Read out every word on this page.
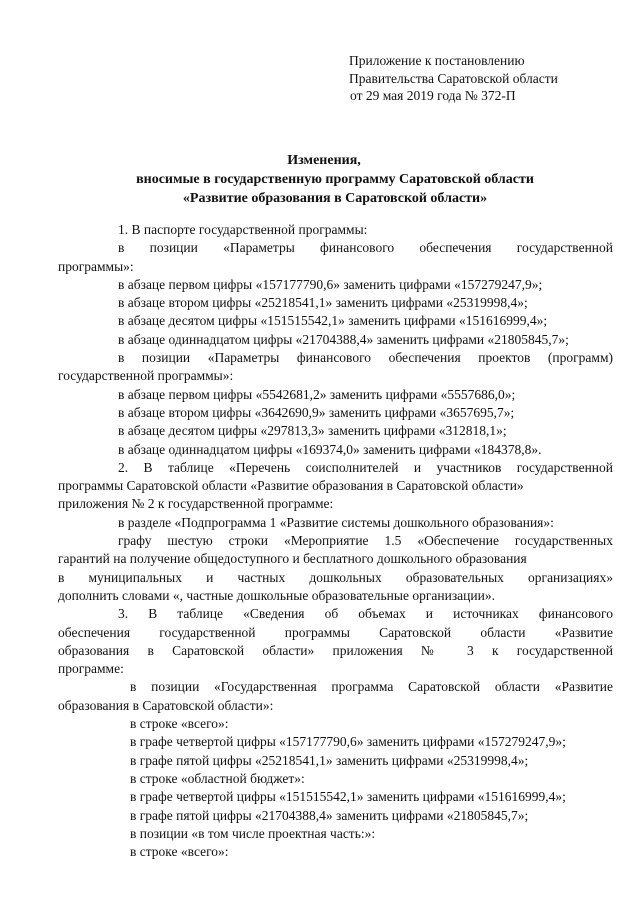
Приложение к постановлению
Правительства Саратовской области
от 29 мая 2019 года № 372-П
Изменения,
вносимые в государственную программу Саратовской области
«Развитие образования в Саратовской области»
1. В паспорте государственной программы:
в позиции «Параметры финансового обеспечения государственной
программы»:
в абзаце первом цифры «157177790,6» заменить цифрами «157279247,9»;
в абзаце втором цифры «25218541,1» заменить цифрами «25319998,4»;
в абзаце десятом цифры «151515542,1» заменить цифрами «151616999,4»;
в абзаце одиннадцатом цифры «21704388,4» заменить цифрами «21805845,7»;
в позиции «Параметры финансового обеспечения проектов (программ)
государственной программы»:
в абзаце первом цифры «5542681,2» заменить цифрами «5557686,0»;
в абзаце втором цифры «3642690,9» заменить цифрами «3657695,7»;
в абзаце десятом цифры «297813,3» заменить цифрами «312818,1»;
в абзаце одиннадцатом цифры «169374,0» заменить цифрами «184378,8».
2. В таблице «Перечень соисполнителей и участников государственной
программы Саратовской области «Развитие образования в Саратовской области»
приложения № 2 к государственной программе:
в разделе «Подпрограмма 1 «Развитие системы дошкольного образования»:
графу шестую строки «Мероприятие 1.5 «Обеспечение государственных
гарантий на получение общедоступного и бесплатного дошкольного образования
в муниципальных и частных дошкольных образовательных организациях»
дополнить словами «, частные дошкольные образовательные организации».
3. В таблице «Сведения об объемах и источниках финансового
обеспечения государственной программы Саратовской области «Развитие
образования в Саратовской области» приложения № 3 к государственной
программе:
в позиции «Государственная программа Саратовской области «Развитие
образования в Саратовской области»:
в строке «всего»:
в графе четвертой цифры «157177790,6» заменить цифрами «157279247,9»;
в графе пятой цифры «25218541,1» заменить цифрами «25319998,4»;
в строке «областной бюджет»:
в графе четвертой цифры «151515542,1» заменить цифрами «151616999,4»;
в графе пятой цифры «21704388,4» заменить цифрами «21805845,7»;
в позиции «в том числе проектная часть:»:
в строке «всего»:
